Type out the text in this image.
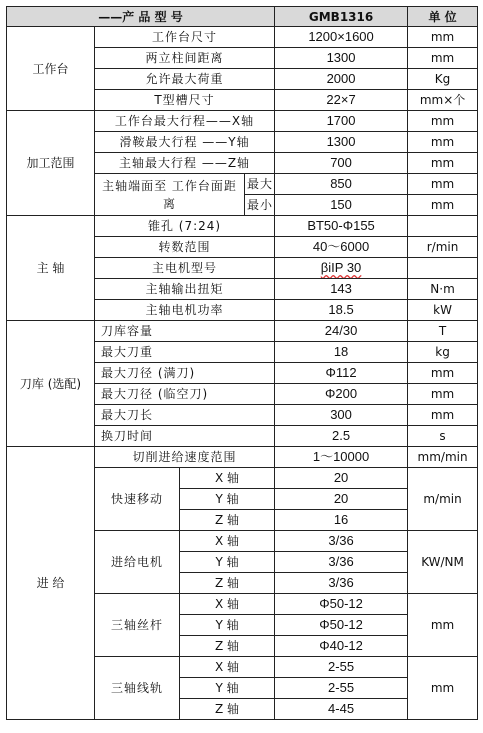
——产 品 型 号				GMB1316	单 位
工作台	工作台尺寸			1200×1600	mm
	两立柱间距离			1300	mm
	允许最大荷重			2000	Kg
	T型槽尺寸			22×7	mm×个
加工范围	工作台最大行程——X轴			1700	mm
	滑鞍最大行程 ——Y轴			1300	mm
	主轴最大行程 ——Z轴			700	mm
	主轴端面至 工作台面距离		最大	850	mm
			最小	150	mm
主 轴	锥孔 (7:24)			BT50-Φ155	
	转数范围			40～6000	r/min
	主电机型号			βiIP 30	
	主轴输出扭矩			143	N·m
	主轴电机功率			18.5	kW
刀库 (选配)	刀库容量			24/30	T
	最大刀重			18	kg
	最大刀径 (满刀)			Φ112	mm
	最大刀径 (临空刀)			Φ200	mm
	最大刀长			300	mm
	换刀时间			2.5	s
进 给	切削进给速度范围			1～10000	mm/min
	快速移动	X 轴		20	m/min
		Y 轴		20	
		Z 轴		16	
	进给电机	X 轴		3/36	KW/NM
		Y 轴		3/36	
		Z 轴		3/36	
	三轴丝杆	X 轴		Φ50-12	mm
		Y 轴		Φ50-12	
		Z 轴		Φ40-12	
	三轴线轨	X 轴		2-55	mm
		Y 轴		2-55	
		Z 轴		4-45	
